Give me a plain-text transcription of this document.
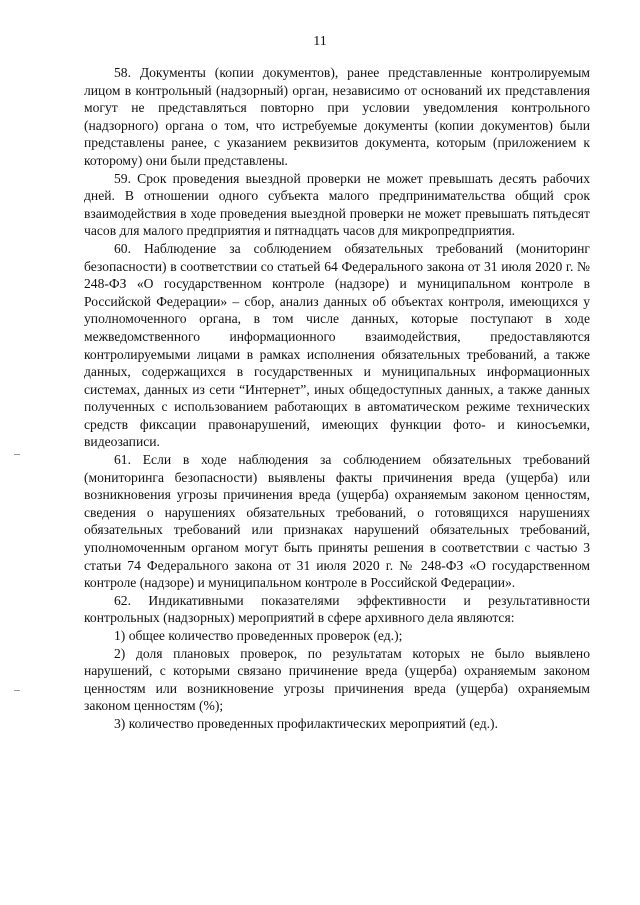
11

58. Документы (копии документов), ранее представленные контролируемым лицом в контрольный (надзорный) орган, независимо от оснований их представления могут не представляться повторно при условии уведомления контрольного (надзорного) органа о том, что истребуемые документы (копии документов) были представлены ранее, с указанием реквизитов документа, которым (приложением к которому) они были представлены.

59. Срок проведения выездной проверки не может превышать десять рабочих дней. В отношении одного субъекта малого предпринимательства общий срок взаимодействия в ходе проведения выездной проверки не может превышать пятьдесят часов для малого предприятия и пятнадцать часов для микропредприятия.

60. Наблюдение за соблюдением обязательных требований (мониторинг безопасности) в соответствии со статьей 64 Федерального закона от 31 июля 2020 г. № 248-ФЗ «О государственном контроле (надзоре) и муниципальном контроле в Российской Федерации» – сбор, анализ данных об объектах контроля, имеющихся у уполномоченного органа, в том числе данных, которые поступают в ходе межведомственного информационного взаимодействия, предоставляются контролируемыми лицами в рамках исполнения обязательных требований, а также данных, содержащихся в государственных и муниципальных информационных системах, данных из сети “Интернет”, иных общедоступных данных, а также данных полученных с использованием работающих в автоматическом режиме технических средств фиксации правонарушений, имеющих функции фото- и киносъемки, видеозаписи.

61. Если в ходе наблюдения за соблюдением обязательных требований (мониторинга безопасности) выявлены факты причинения вреда (ущерба) или возникновения угрозы причинения вреда (ущерба) охраняемым законом ценностям, сведения о нарушениях обязательных требований, о готовящихся нарушениях обязательных требований или признаках нарушений обязательных требований, уполномоченным органом могут быть приняты решения в соответствии с частью 3 статьи 74 Федерального закона от 31 июля 2020 г. № 248-ФЗ «О государственном контроле (надзоре) и муниципальном контроле в Российской Федерации».

62. Индикативными показателями эффективности и результативности контрольных (надзорных) мероприятий в сфере архивного дела являются:

1) общее количество проведенных проверок (ед.);

2) доля плановых проверок, по результатам которых не было выявлено нарушений, с которыми связано причинение вреда (ущерба) охраняемым законом ценностям или возникновение угрозы причинения вреда (ущерба) охраняемым законом ценностям (%);

3) количество проведенных профилактических мероприятий (ед.).
